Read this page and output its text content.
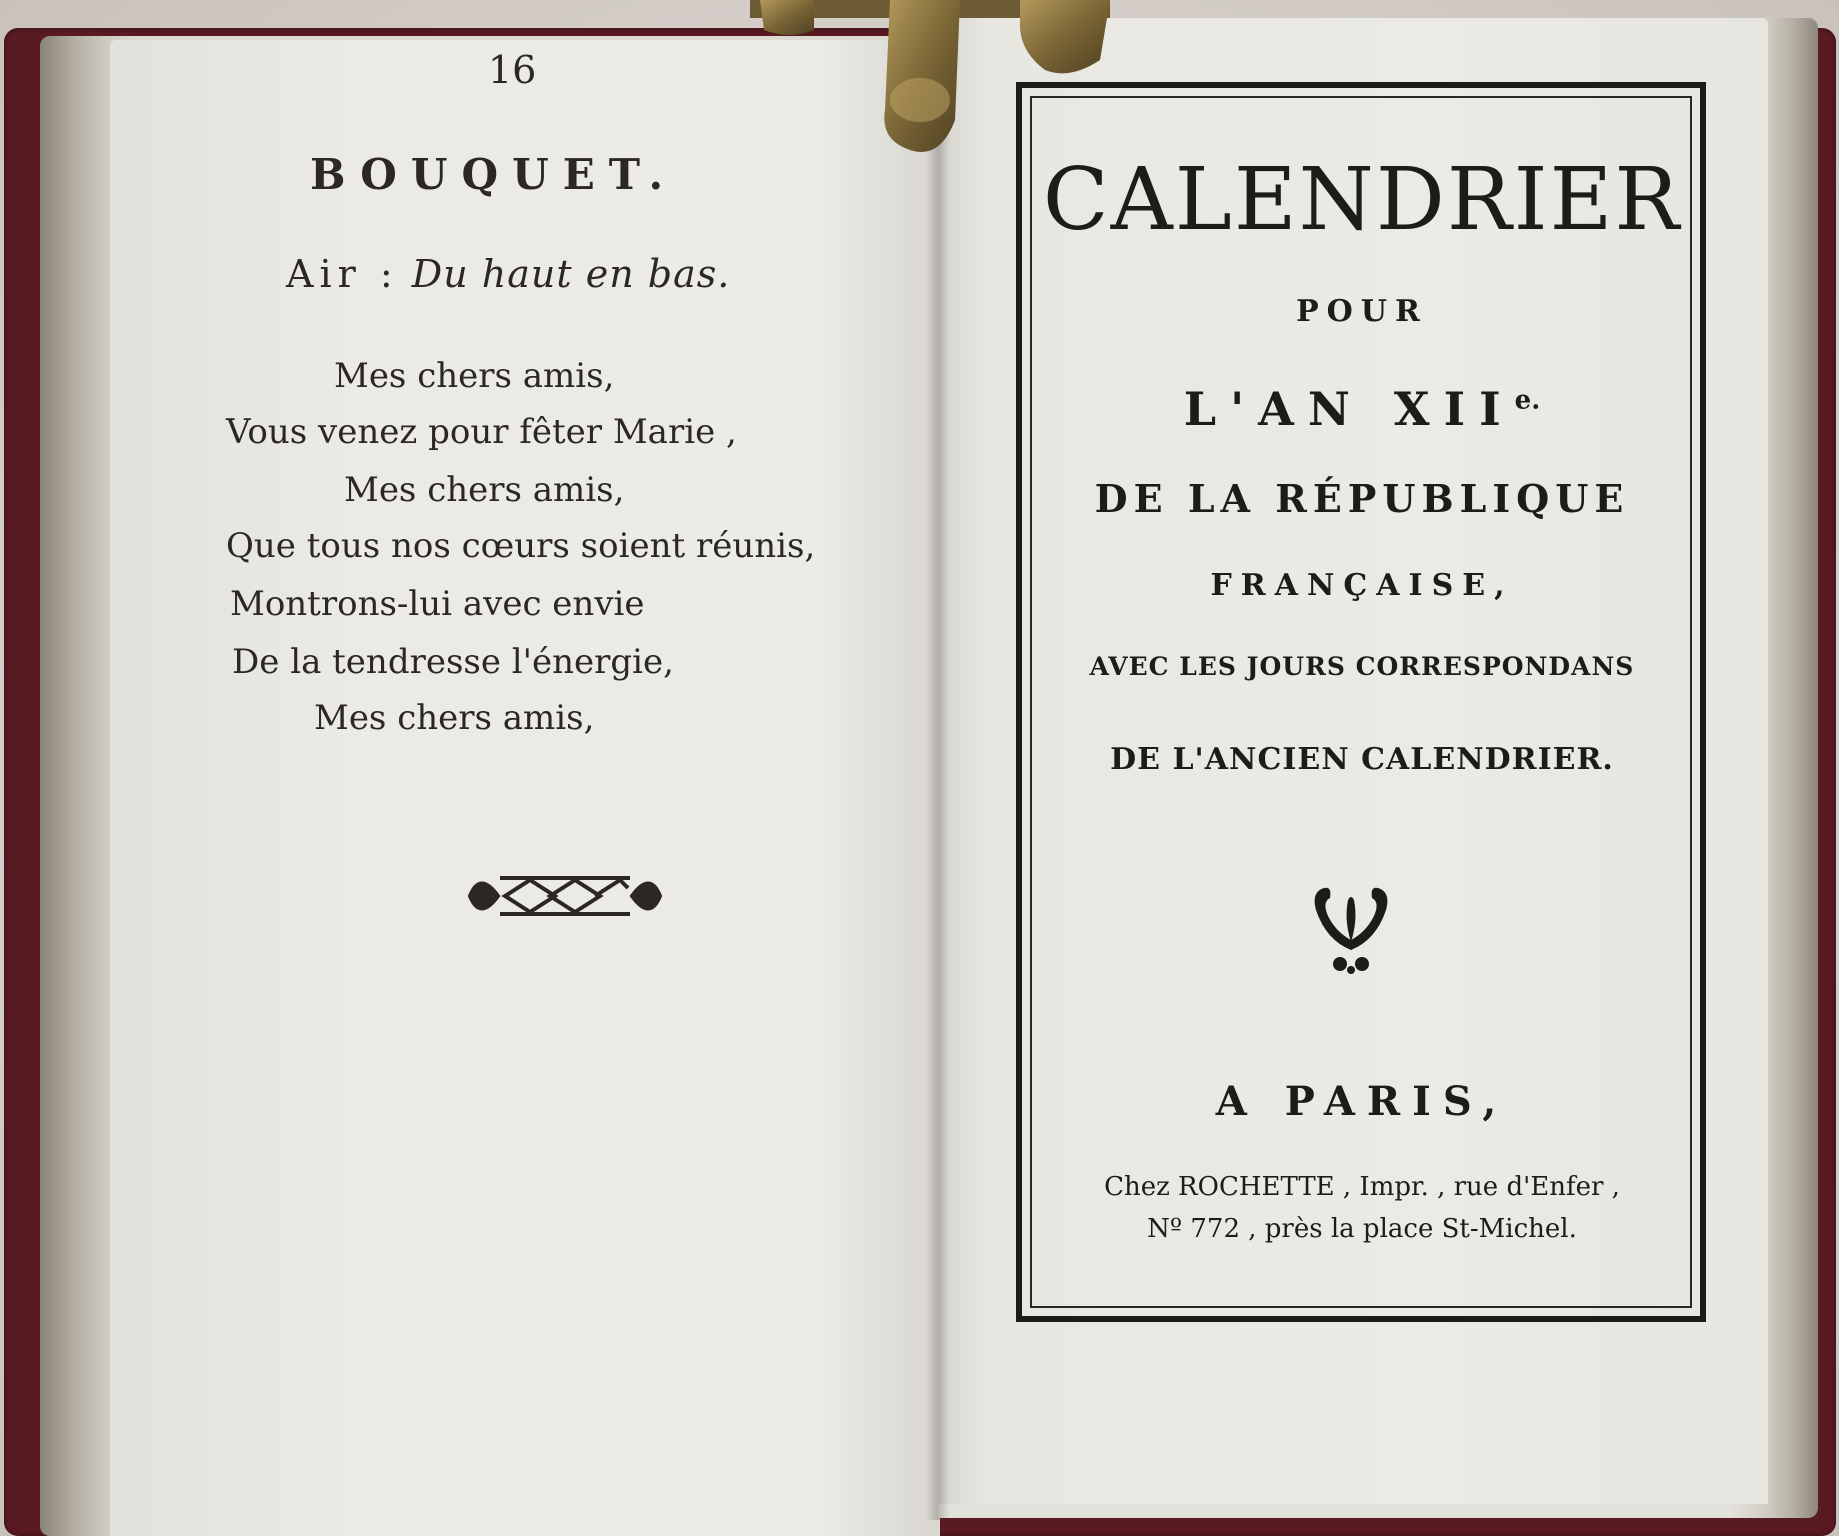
16
BOUQUET.
Air : Du haut en bas.
Mes chers amis,
Vous venez pour fêter Marie ,
Mes chers amis,
Que tous nos cœurs soient réunis,
Montrons-lui avec envie
De la tendresse l'énergie,
Mes chers amis,
CALENDRIER
POUR
L'AN $XII^{e.}$
DE LA RÉPUBLIQUE
FRANÇAISE,
AVEC LES JOURS CORRESPONDANS
DE L'ANCIEN CALENDRIER.
A PARIS,
Chez ROCHETTE , Impr. , rue d'Enfer ,
Nº 772 , près la place St-Michel.
